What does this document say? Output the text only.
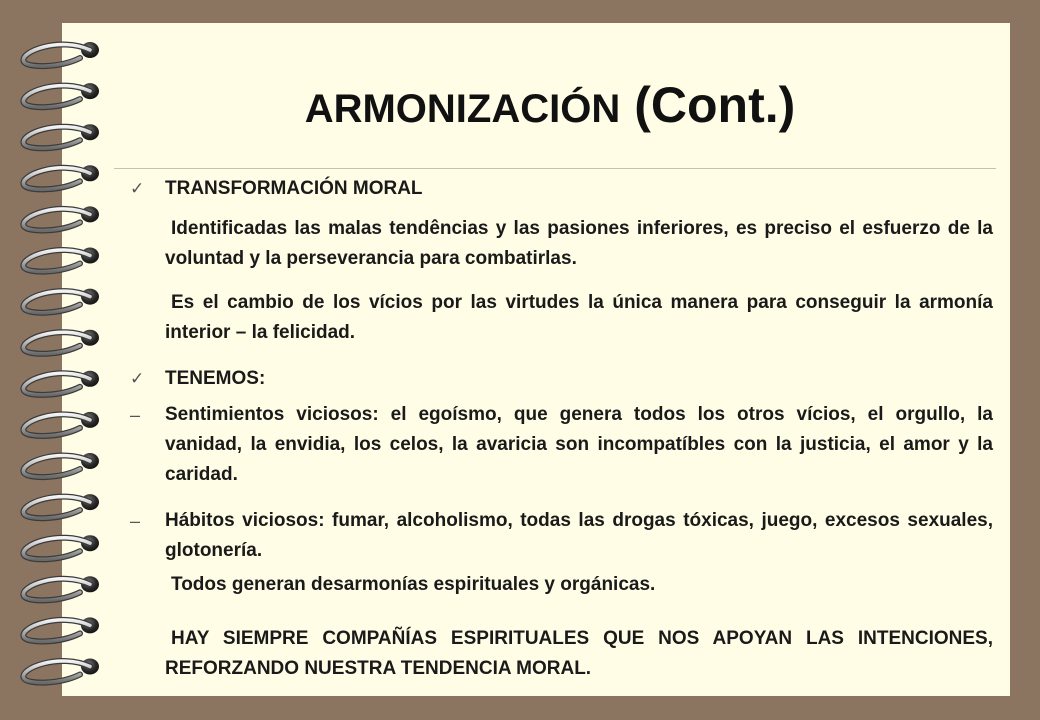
ARMONIZACIÓN (Cont.)
✓ TRANSFORMACIÓN MORAL

Identificadas las malas tendências y las pasiones inferiores, es preciso el esfuerzo de la voluntad y la perseverancia para combatirlas.

Es el cambio de los vícios por las virtudes la única manera para conseguir la armonía interior – la felicidad.

✓ TENEMOS:

– Sentimientos viciosos: el egoísmo, que genera todos los otros vícios, el orgullo, la vanidad, la envidia, los celos, la avaricia son incompatíbles con la justicia, el amor y la caridad.

– Hábitos viciosos: fumar, alcoholismo, todas las drogas tóxicas, juego, excesos sexuales, glotonería.

Todos generan desarmonías espirituales y orgánicas.

HAY SIEMPRE COMPAÑÍAS ESPIRITUALES QUE NOS APOYAN LAS INTENCIONES, REFORZANDO NUESTRA TENDENCIA MORAL.
